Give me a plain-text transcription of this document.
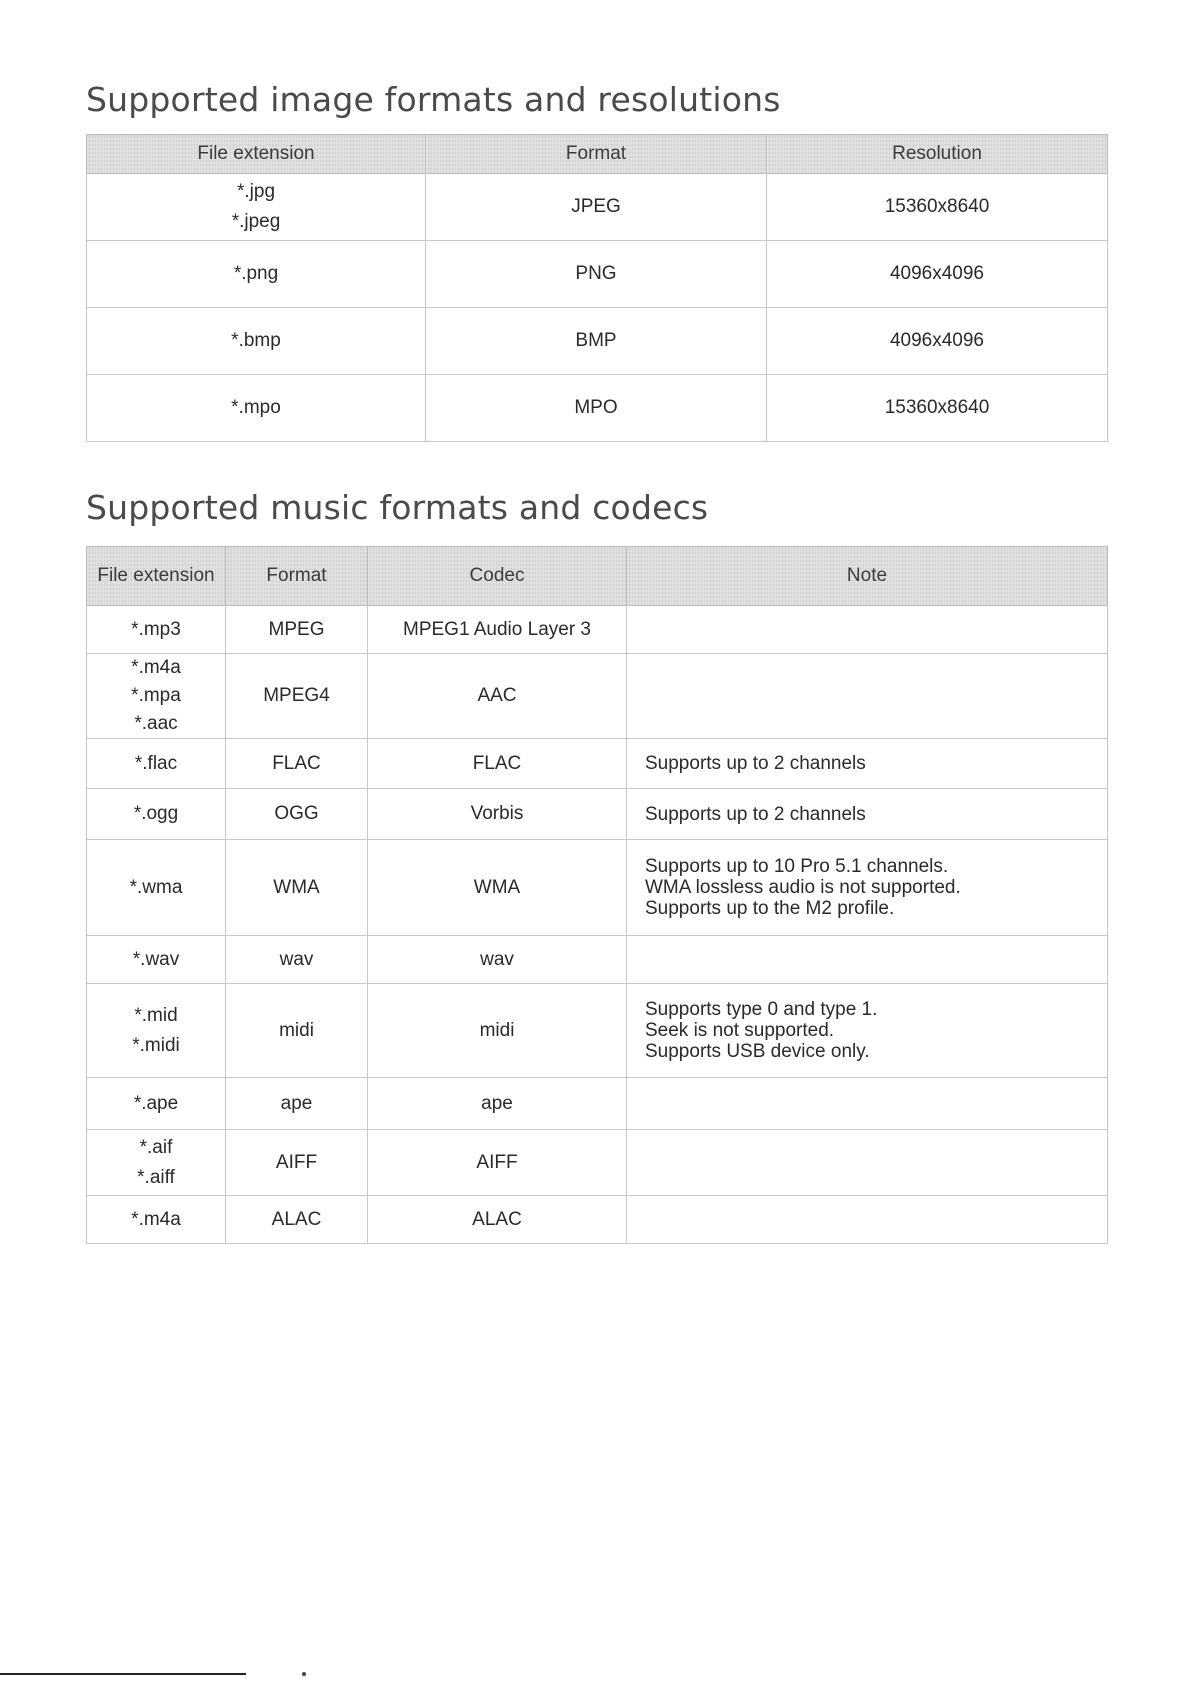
Supported image formats and resolutions
File extension	Format	Resolution

*.jpg
*.jpeg	JPEG	15360x8640

*.png	PNG	4096x4096

*.bmp	BMP	4096x4096

*.mpo	MPO	15360x8640
Supported music formats and codecs
File extension	Format	Codec	Note

*.mp3	MPEG	MPEG1 Audio Layer 3	

*.m4a
*.mpa
*.aac	MPEG4	AAC	

*.flac	FLAC	FLAC	Supports up to 2 channels

*.ogg	OGG	Vorbis	Supports up to 2 channels

*.wma	WMA	WMA	Supports up to 10 Pro 5.1 channels.
WMA lossless audio is not supported.
Supports up to the M2 profile.

*.wav	wav	wav	

*.mid
*.midi	midi	midi	Supports type 0 and type 1.
Seek is not supported.
Supports USB device only.

*.ape	ape	ape	

*.aif
*.aiff	AIFF	AIFF	

*.m4a	ALAC	ALAC	
